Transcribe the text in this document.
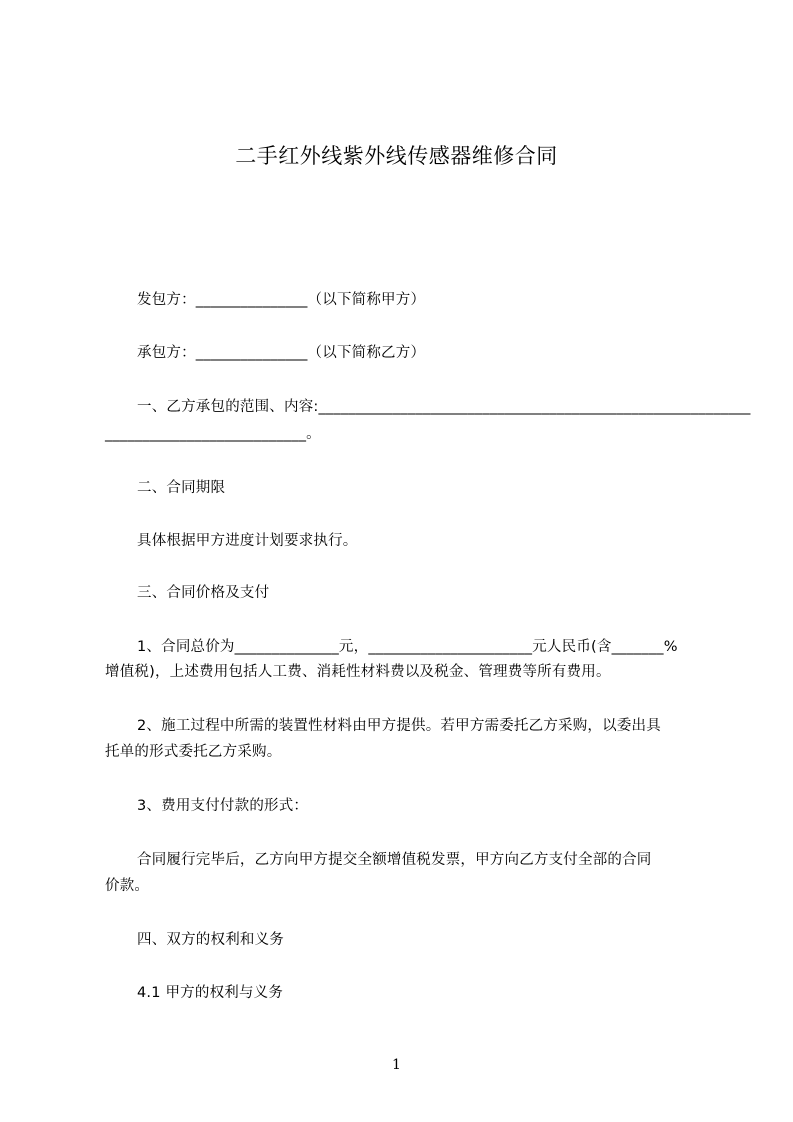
二手红外线紫外线传感器维修合同
发包方：_______________（以下简称甲方）
承包方：_______________（以下简称乙方）
一、乙方承包的范围、内容:__________________________________________________________
___________________________。
二、合同期限
具体根据甲方进度计划要求执行。
三、合同价格及支付
1、合同总价为______________元，______________________元人民币(含_______%
增值税)，上述费用包括人工费、消耗性材料费以及税金、管理费等所有费用。
2、施工过程中所需的装置性材料由甲方提供。若甲方需委托乙方采购，以委出具
托单的形式委托乙方采购。
3、费用支付付款的形式：
合同履行完毕后，乙方向甲方提交全额增值税发票，甲方向乙方支付全部的合同
价款。
四、双方的权利和义务
4.1 甲方的权利与义务
1
